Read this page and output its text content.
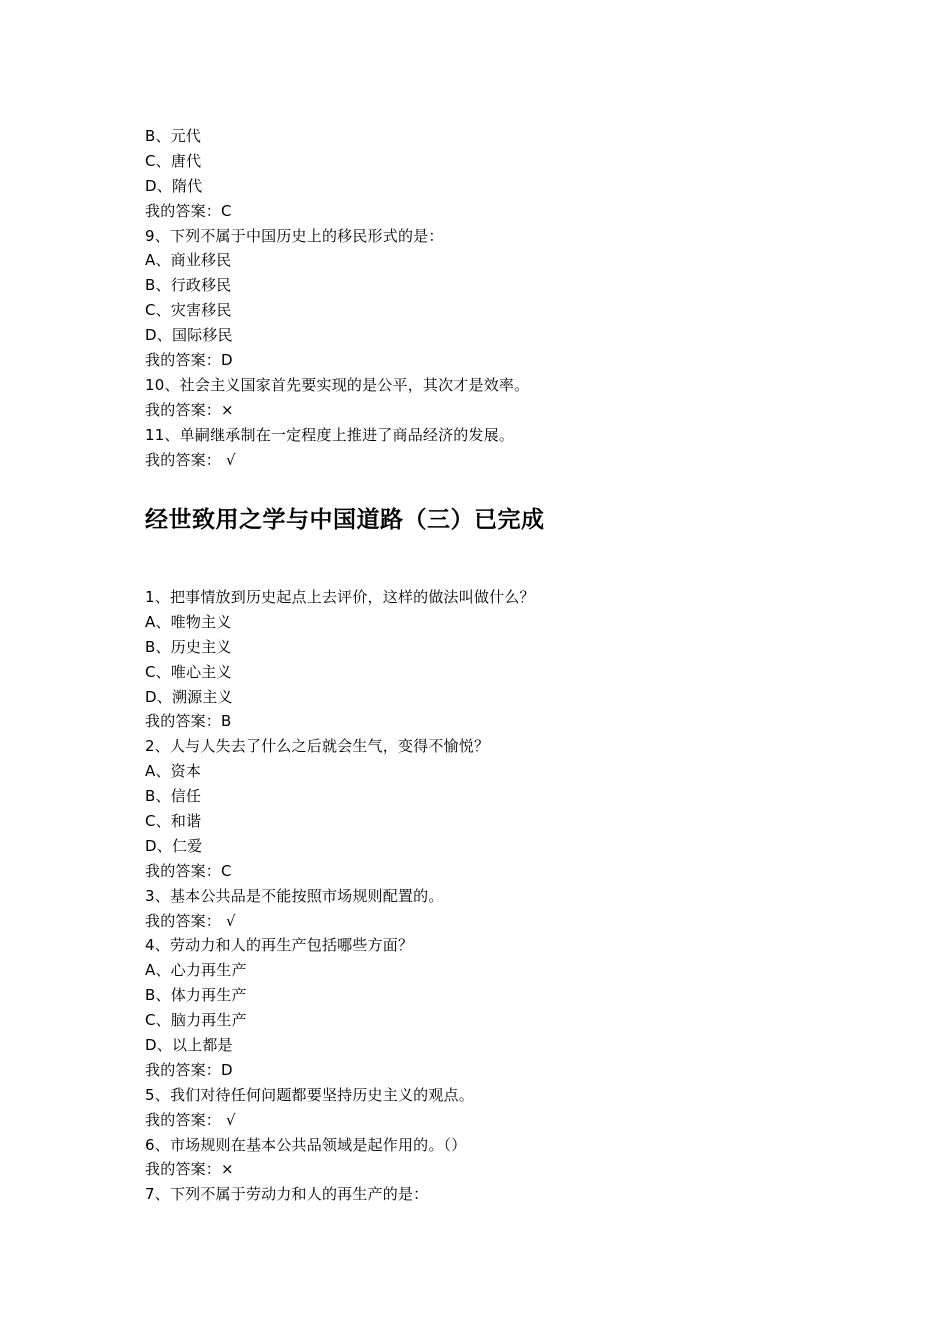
B、元代
C、唐代
D、隋代
我的答案：C
9、下列不属于中国历史上的移民形式的是：
A、商业移民
B、行政移民
C、灾害移民
D、国际移民
我的答案：D
10、社会主义国家首先要实现的是公平，其次才是效率。
我的答案：×
11、单嗣继承制在一定程度上推进了商品经济的发展。
我的答案： √
经世致用之学与中国道路（三）已完成
1、把事情放到历史起点上去评价，这样的做法叫做什么？
A、唯物主义
B、历史主义
C、唯心主义
D、溯源主义
我的答案：B
2、人与人失去了什么之后就会生气，变得不愉悦？
A、资本
B、信任
C、和谐
D、仁爱
我的答案：C
3、基本公共品是不能按照市场规则配置的。
我的答案： √
4、劳动力和人的再生产包括哪些方面？
A、心力再生产
B、体力再生产
C、脑力再生产
D、以上都是
我的答案：D
5、我们对待任何问题都要坚持历史主义的观点。
我的答案： √
6、市场规则在基本公共品领域是起作用的。（）
我的答案：×
7、下列不属于劳动力和人的再生产的是：
